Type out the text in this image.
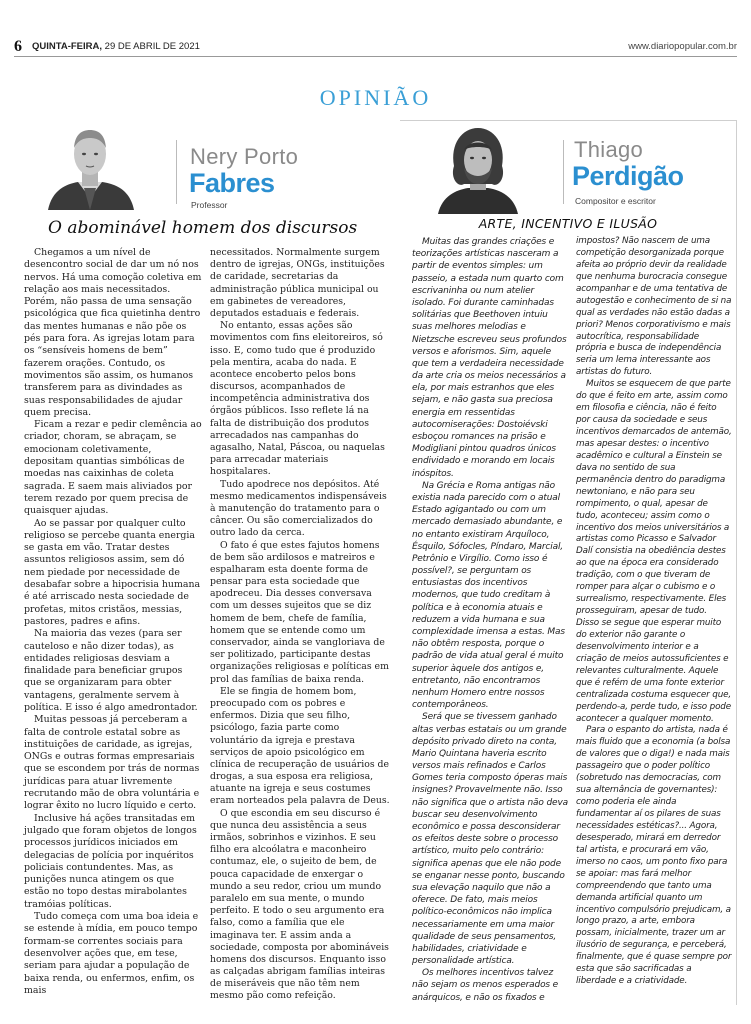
6 QUINTA-FEIRA, 29 DE ABRIL DE 2021	www.diariopopular.com.br
OPINIÃO
Nery Porto
Fabres
Professor
Thiago
Perdigão
Compositor e escritor
O abominável homem dos discursos	ARTE, INCENTIVO E ILUSÃO

Chegamos a um nível de desencontro social de dar um nó nos nervos. Há uma comoção coletiva em relação aos mais necessitados. Porém, não passa de uma sensação psicológica que fica quietinha dentro das mentes humanas e não põe os pés para fora. As igrejas lotam para os “sensíveis homens de bem” fazerem orações. Contudo, os movimentos são assim, os humanos transferem para as divindades as suas responsabilidades de ajudar quem precisa.

Ficam a rezar e pedir clemência ao criador, choram, se abraçam, se emocionam coletivamente, depositam quantias simbólicas de moedas nas caixinhas de coleta sagrada. E saem mais aliviados por terem rezado por quem precisa de quaisquer ajudas.

Ao se passar por qualquer culto religioso se percebe quanta energia se gasta em vão. Tratar destes assuntos religiosos assim, sem dó nem piedade por necessidade de desabafar sobre a hipocrisia humana é até arriscado nesta sociedade de profetas, mitos cristãos, messias, pastores, padres e afins.

Na maioria das vezes (para ser cauteloso e não dizer todas), as entidades religiosas desviam a finalidade para beneficiar grupos que se organizaram para obter vantagens, geralmente servem à política. E isso é algo amedrontador.

Muitas pessoas já perceberam a falta de controle estatal sobre as instituições de caridade, as igrejas, ONGs e outras formas empresariais que se escondem por trás de normas jurídicas para atuar livremente recrutando mão de obra voluntária e lograr êxito no lucro líquido e certo.

Inclusive há ações transitadas em julgado que foram objetos de longos processos jurídicos iniciados em delegacias de polícia por inquéritos policiais contundentes. Mas, as punições nunca atingem os que estão no topo destas mirabolantes tramóias políticas.

Tudo começa com uma boa ideia e se estende à mídia, em pouco tempo formam-se correntes sociais para desenvolver ações que, em tese, seriam para ajudar a população de baixa renda, ou enfermos, enfim, os mais

necessitados. Normalmente surgem dentro de igrejas, ONGs, instituições de caridade, secretarias da administração pública municipal ou em gabinetes de vereadores, deputados estaduais e federais.

No entanto, essas ações são movimentos com fins eleitoreiros, só isso. E, como tudo que é produzido pela mentira, acaba do nada. E acontece encoberto pelos bons discursos, acompanhados de incompetência administrativa dos órgãos públicos. Isso reflete lá na falta de distribuição dos produtos arrecadados nas campanhas do agasalho, Natal, Páscoa, ou naquelas para arrecadar materiais hospitalares.

Tudo apodrece nos depósitos. Até mesmo medicamentos indispensáveis à manutenção do tratamento para o câncer. Ou são comercializados do outro lado da cerca.

O fato é que estes fajutos homens de bem são ardilosos e matreiros e espalharam esta doente forma de pensar para esta sociedade que apodreceu. Dia desses conversava com um desses sujeitos que se diz homem de bem, chefe de família, homem que se entende como um conservador, ainda se vangloriava de ser politizado, participante destas organizações religiosas e políticas em prol das famílias de baixa renda.

Ele se fingia de homem bom, preocupado com os pobres e enfermos. Dizia que seu filho, psicólogo, fazia parte como voluntário da igreja e prestava serviços de apoio psicológico em clínica de recuperação de usuários de drogas, a sua esposa era religiosa, atuante na igreja e seus costumes eram norteados pela palavra de Deus.

O que escondia em seu discurso é que nunca deu assistência a seus irmãos, sobrinhos e vizinhos. E seu filho era alcoólatra e maconheiro contumaz, ele, o sujeito de bem, de pouca capacidade de enxergar o mundo a seu redor, criou um mundo paralelo em sua mente, o mundo perfeito. E todo o seu argumento era falso, como a família que ele imaginava ter. E assim anda a sociedade, composta por abomináveis homens dos discursos. Enquanto isso as calçadas abrigam famílias inteiras de miseráveis que não têm nem mesmo pão como refeição.

Muitas das grandes criações e teorizações artísticas nasceram a partir de eventos simples: um passeio, a estada num quarto com escrivaninha ou num atelier isolado. Foi durante caminhadas solitárias que Beethoven intuiu suas melhores melodias e Nietzsche escreveu seus profundos versos e aforismos. Sim, aquele que tem a verdadeira necessidade da arte cria os meios necessários a ela, por mais estranhos que eles sejam, e não gasta sua preciosa energia em ressentidas autocomiserações: Dostoiévski esboçou romances na prisão e Modigliani pintou quadros únicos endividado e morando em locais inóspitos.

Na Grécia e Roma antigas não existia nada parecido com o atual Estado agigantado ou com um mercado demasiado abundante, e no entanto existiram Arquíloco, Ésquilo, Sófocles, Píndaro, Marcial, Petrônio e Virgílio. Como isso é possível?, se perguntam os entusiastas dos incentivos modernos, que tudo creditam à política e à economia atuais e reduzem a vida humana e sua complexidade imensa a estas. Mas não obtêm resposta, porque o padrão de vida atual geral é muito superior àquele dos antigos e, entretanto, não encontramos nenhum Homero entre nossos contemporâneos.

Será que se tivessem ganhado altas verbas estatais ou um grande depósito privado direto na conta, Mario Quintana haveria escrito versos mais refinados e Carlos Gomes teria composto óperas mais insignes? Provavelmente não. Isso não significa que o artista não deva buscar seu desenvolvimento econômico e possa desconsiderar os efeitos deste sobre o processo artístico, muito pelo contrário: significa apenas que ele não pode se enganar nesse ponto, buscando sua elevação naquilo que não a oferece. De fato, mais meios político-econômicos não implica necessariamente em uma maior qualidade de seus pensamentos, habilidades, criatividade e personalidade artística.

Os melhores incentivos talvez não sejam os menos esperados e anárquicos, e não os fixados e

impostos? Não nascem de uma competição desorganizada porque afeita ao próprio devir da realidade que nenhuma burocracia consegue acompanhar e de uma tentativa de autogestão e conhecimento de si na qual as verdades não estão dadas a priori? Menos corporativismo e mais autocrítica, responsabilidade própria e busca de independência seria um lema interessante aos artistas do futuro.

Muitos se esquecem de que parte do que é feito em arte, assim como em filosofia e ciência, não é feito por causa da sociedade e seus incentivos demarcados de antemão, mas apesar destes: o incentivo acadêmico e cultural a Einstein se dava no sentido de sua permanência dentro do paradigma newtoniano, e não para seu rompimento, o qual, apesar de tudo, aconteceu; assim como o incentivo dos meios universitários a artistas como Picasso e Salvador Dalí consistia na obediência destes ao que na época era considerado tradição, com o que tiveram de romper para alçar o cubismo e o surrealismo, respectivamente. Eles prosseguiram, apesar de tudo. Disso se segue que esperar muito do exterior não garante o desenvolvimento interior e a criação de meios autossuficientes e relevantes culturalmente. Aquele que é refém de uma fonte exterior centralizada costuma esquecer que, perdendo-a, perde tudo, e isso pode acontecer a qualquer momento.

Para o espanto do artista, nada é mais fluido que a economia (a bolsa de valores que o diga!) e nada mais passageiro que o poder político (sobretudo nas democracias, com sua alternância de governantes): como poderia ele ainda fundamentar aí os pilares de suas necessidades estéticas?... Agora, desesperado, mirará em derredor tal artista, e procurará em vão, imerso no caos, um ponto fixo para se apoiar: mas fará melhor compreendendo que tanto uma demanda artificial quanto um incentivo compulsório prejudicam, a longo prazo, a arte, embora possam, inicialmente, trazer um ar ilusório de segurança, e perceberá, finalmente, que é quase sempre por esta que são sacrificadas a liberdade e a criatividade.
